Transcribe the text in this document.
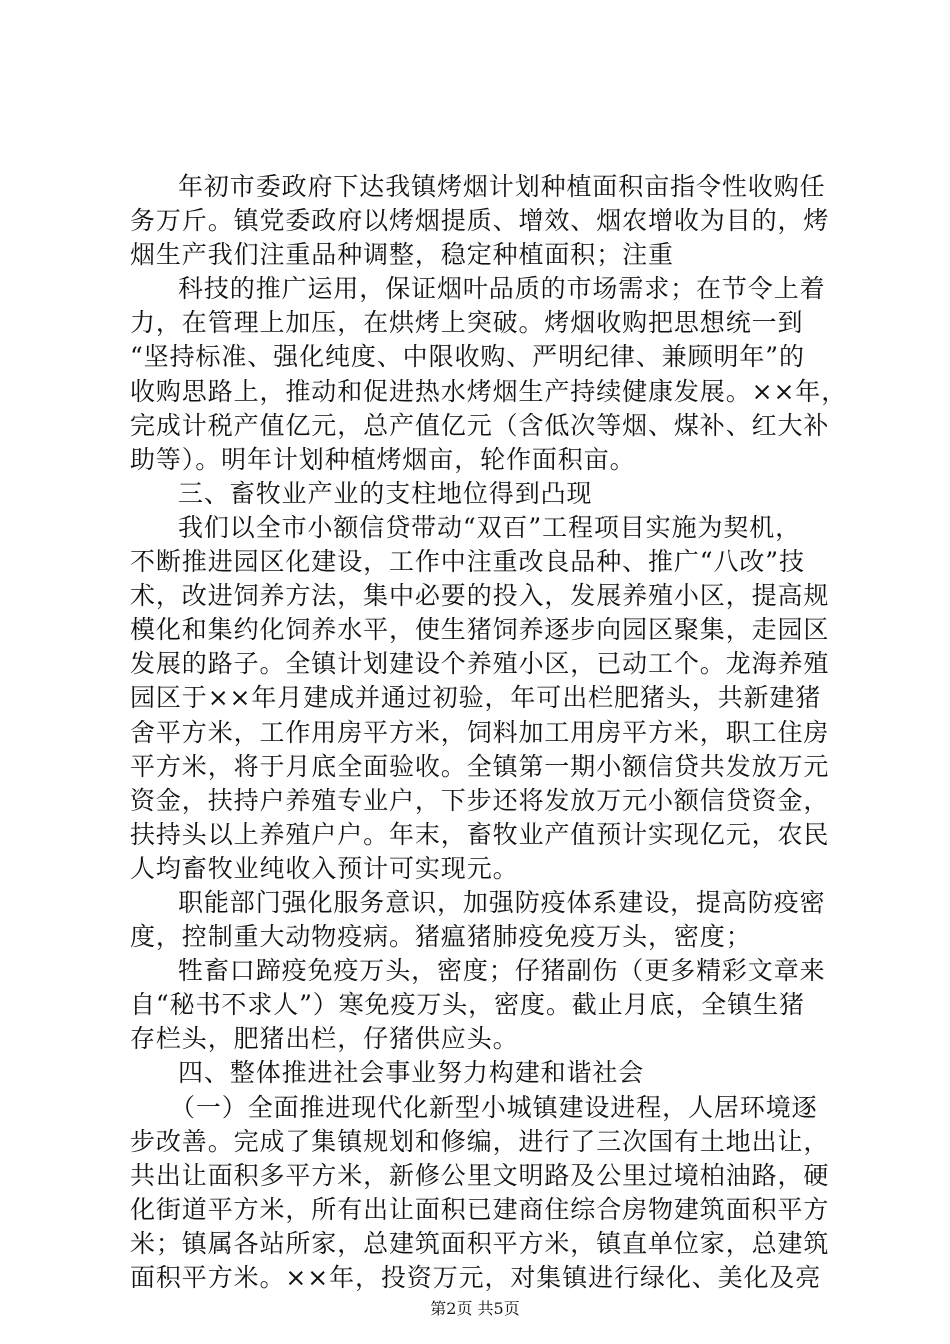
年初市委政府下达我镇烤烟计划种植面积亩指令性收购任
务万斤。镇党委政府以烤烟提质、增效、烟农增收为目的，烤
烟生产我们注重品种调整，稳定种植面积；注重
科技的推广运用，保证烟叶品质的市场需求；在节令上着
力，在管理上加压，在烘烤上突破。烤烟收购把思想统一到
“坚持标准、强化纯度、中限收购、严明纪律、兼顾明年”的
收购思路上，推动和促进热水烤烟生产持续健康发展。××年，
完成计税产值亿元，总产值亿元（含低次等烟、煤补、红大补
助等）。明年计划种植烤烟亩，轮作面积亩。
三、畜牧业产业的支柱地位得到凸现
我们以全市小额信贷带动“双百”工程项目实施为契机，
不断推进园区化建设，工作中注重改良品种、推广“八改”技
术，改进饲养方法，集中必要的投入，发展养殖小区，提高规
模化和集约化饲养水平，使生猪饲养逐步向园区聚集，走园区
发展的路子。全镇计划建设个养殖小区，已动工个。龙海养殖
园区于××年月建成并通过初验，年可出栏肥猪头，共新建猪
舍平方米，工作用房平方米，饲料加工用房平方米，职工住房
平方米，将于月底全面验收。全镇第一期小额信贷共发放万元
资金，扶持户养殖专业户，下步还将发放万元小额信贷资金，
扶持头以上养殖户户。年末，畜牧业产值预计实现亿元，农民
人均畜牧业纯收入预计可实现元。
职能部门强化服务意识，加强防疫体系建设，提高防疫密
度，控制重大动物疫病。猪瘟猪肺疫免疫万头，密度；
牲畜口蹄疫免疫万头，密度；仔猪副伤（更多精彩文章来
自“秘书不求人”）寒免疫万头，密度。截止月底，全镇生猪
存栏头，肥猪出栏，仔猪供应头。
四、整体推进社会事业努力构建和谐社会
（一）全面推进现代化新型小城镇建设进程，人居环境逐
步改善。完成了集镇规划和修编，进行了三次国有土地出让，
共出让面积多平方米，新修公里文明路及公里过境柏油路，硬
化街道平方米，所有出让面积已建商住综合房物建筑面积平方
米；镇属各站所家，总建筑面积平方米，镇直单位家，总建筑
面积平方米。××年，投资万元，对集镇进行绿化、美化及亮
第2页 共5页
